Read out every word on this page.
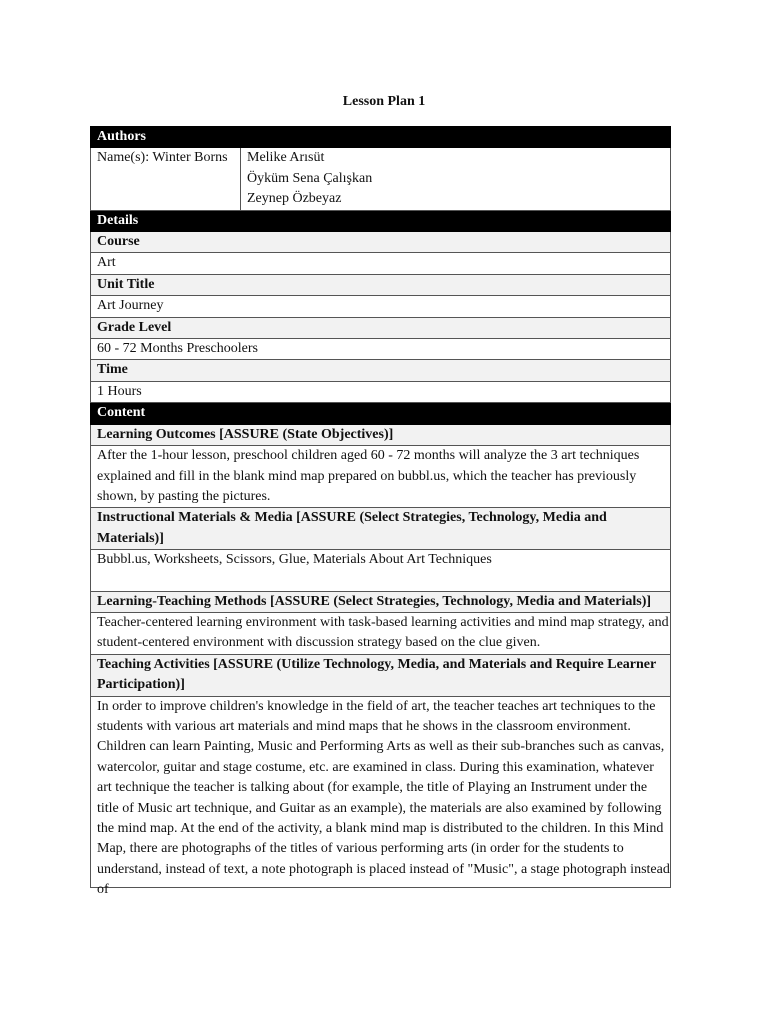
Lesson Plan 1
Authors
Name(s): Winter Borns	Melike Arısüt
Öyküm Sena Çalışkan
Zeynep Özbeyaz

Details
Course
Art
Unit Title
Art Journey
Grade Level
60 - 72 Months Preschoolers
Time
1 Hours
Content
Learning Outcomes [ASSURE (State Objectives)]
After the 1-hour lesson, preschool children aged 60 - 72 months will analyze the 3 art techniques explained and fill in the blank mind map prepared on bubbl.us, which the teacher has previously shown, by pasting the pictures.
Instructional Materials & Media [ASSURE (Select Strategies, Technology, Media and Materials)]

Bubbl.us, Worksheets, Scissors, Glue, Materials About Art Techniques

Learning-Teaching Methods [ASSURE (Select Strategies, Technology, Media and Materials)]
Teacher-centered learning environment with task-based learning activities and mind map strategy, and student-centered environment with discussion strategy based on the clue given.
Teaching Activities [ASSURE (Utilize Technology, Media, and Materials and Require Learner Participation)]

In order to improve children's knowledge in the field of art, the teacher teaches art techniques to the students with various art materials and mind maps that he shows in the classroom environment. Children can learn Painting, Music and Performing Arts as well as their sub-branches such as canvas, watercolor, guitar and stage costume, etc. are examined in class. During this examination, whatever art technique the teacher is talking about (for example, the title of Playing an Instrument under the title of Music art technique, and Guitar as an example), the materials are also examined by following the mind map. At the end of the activity, a blank mind map is distributed to the children. In this Mind Map, there are photographs of the titles of various performing arts (in order for the students to understand, instead of text, a note photograph is placed instead of "Music", a stage photograph instead of
